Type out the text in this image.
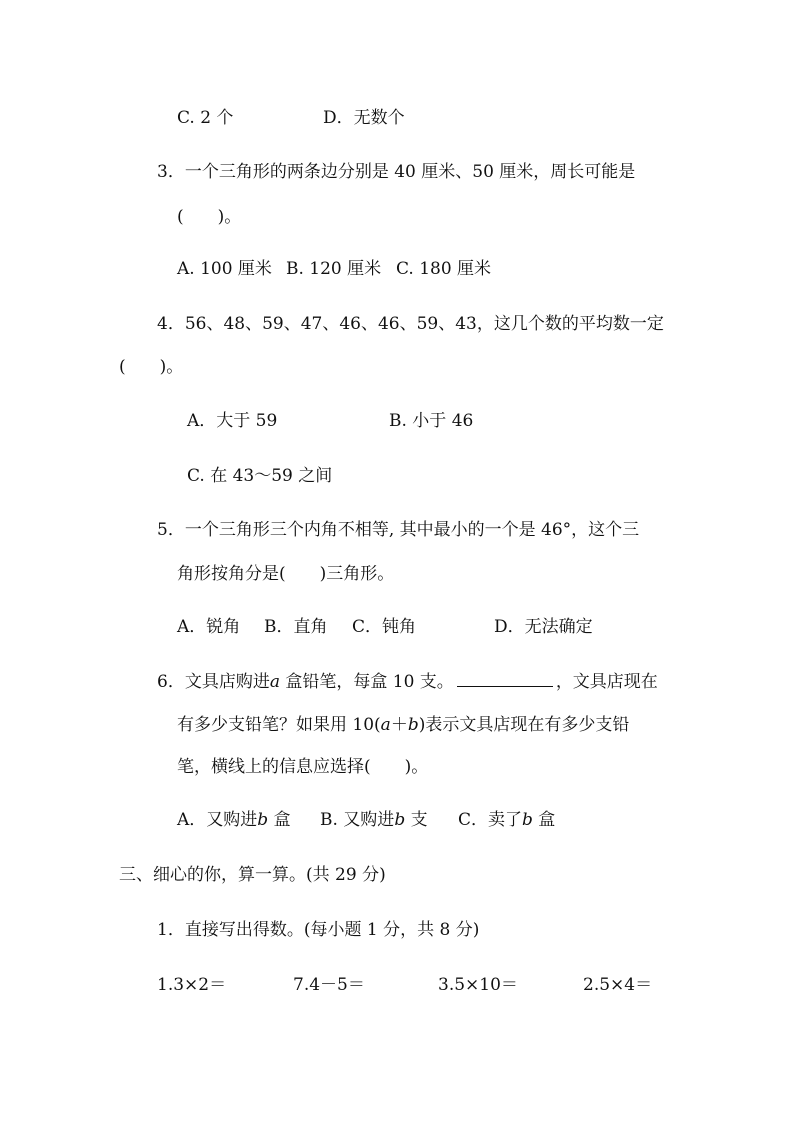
C. 2 个	D．无数个
3．一个三角形的两条边分别是 40 厘米、50 厘米，周长可能是
(　　)。
A. 100 厘米 B. 120 厘米 C. 180 厘米
4．56、48、59、47、46、46、59、43，这几个数的平均数一定
(　　)。
A．大于 59	B. 小于 46
C. 在 43～59 之间
5．一个三角形三个内角不相等, 其中最小的一个是 46°，这个三
角形按角分是(　　)三角形。
A．锐角 B．直角 C．钝角	D．无法确定
6．文具店购进a 盒铅笔，每盒 10 支。	，文具店现在
有多少支铅笔？如果用 10(a＋b)表示文具店现在有多少支铅
笔，横线上的信息应选择(　　)。
A．又购进b 盒 B. 又购进b 支 C．卖了b 盒
三、细心的你，算一算。(共 29 分)
1．直接写出得数。(每小题 1 分，共 8 分)
1.3×2＝	7.4－5＝	3.5×10＝	2.5×4＝
